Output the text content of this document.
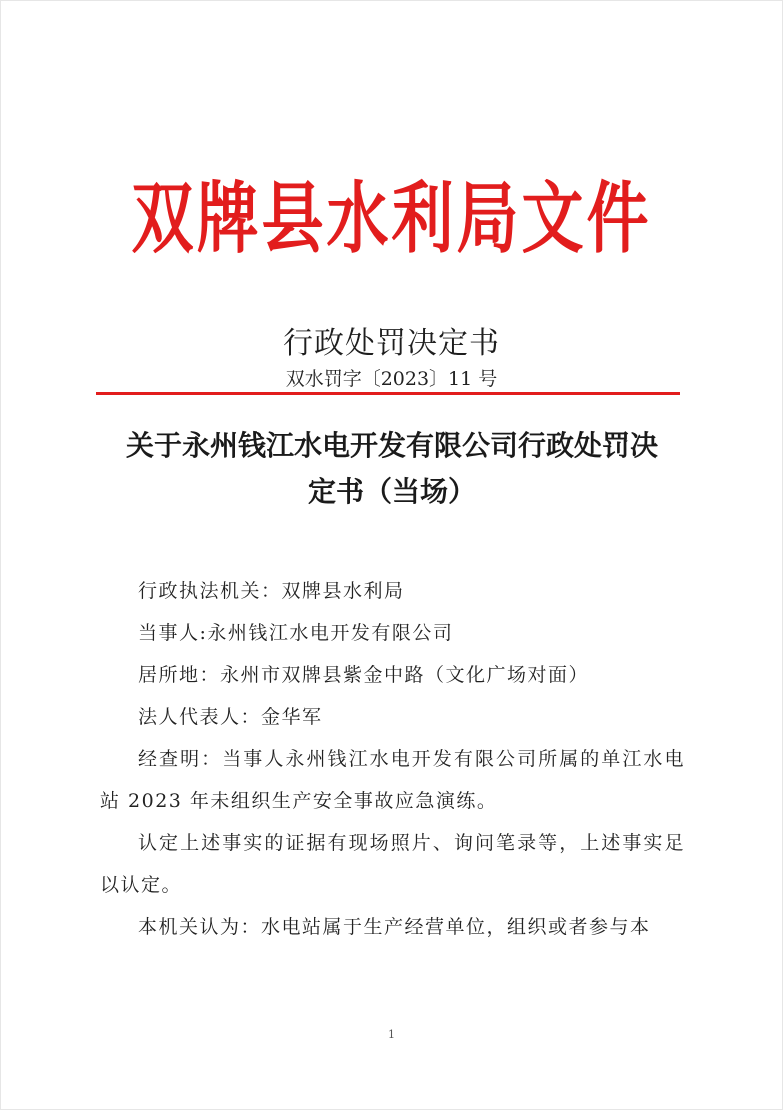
双牌县水利局文件
行政处罚决定书
双水罚字〔2023〕11 号
关于永州钱江水电开发有限公司行政处罚决
定书（当场）

行政执法机关：双牌县水利局

当事人:永州钱江水电开发有限公司

居所地：永州市双牌县紫金中路（文化广场对面）

法人代表人：金华军

经查明：当事人永州钱江水电开发有限公司所属的单江水电站 2023 年未组织生产安全事故应急演练。

认定上述事实的证据有现场照片、询问笔录等，上述事实足以认定。

本机关认为：水电站属于生产经营单位，组织或者参与本

1
